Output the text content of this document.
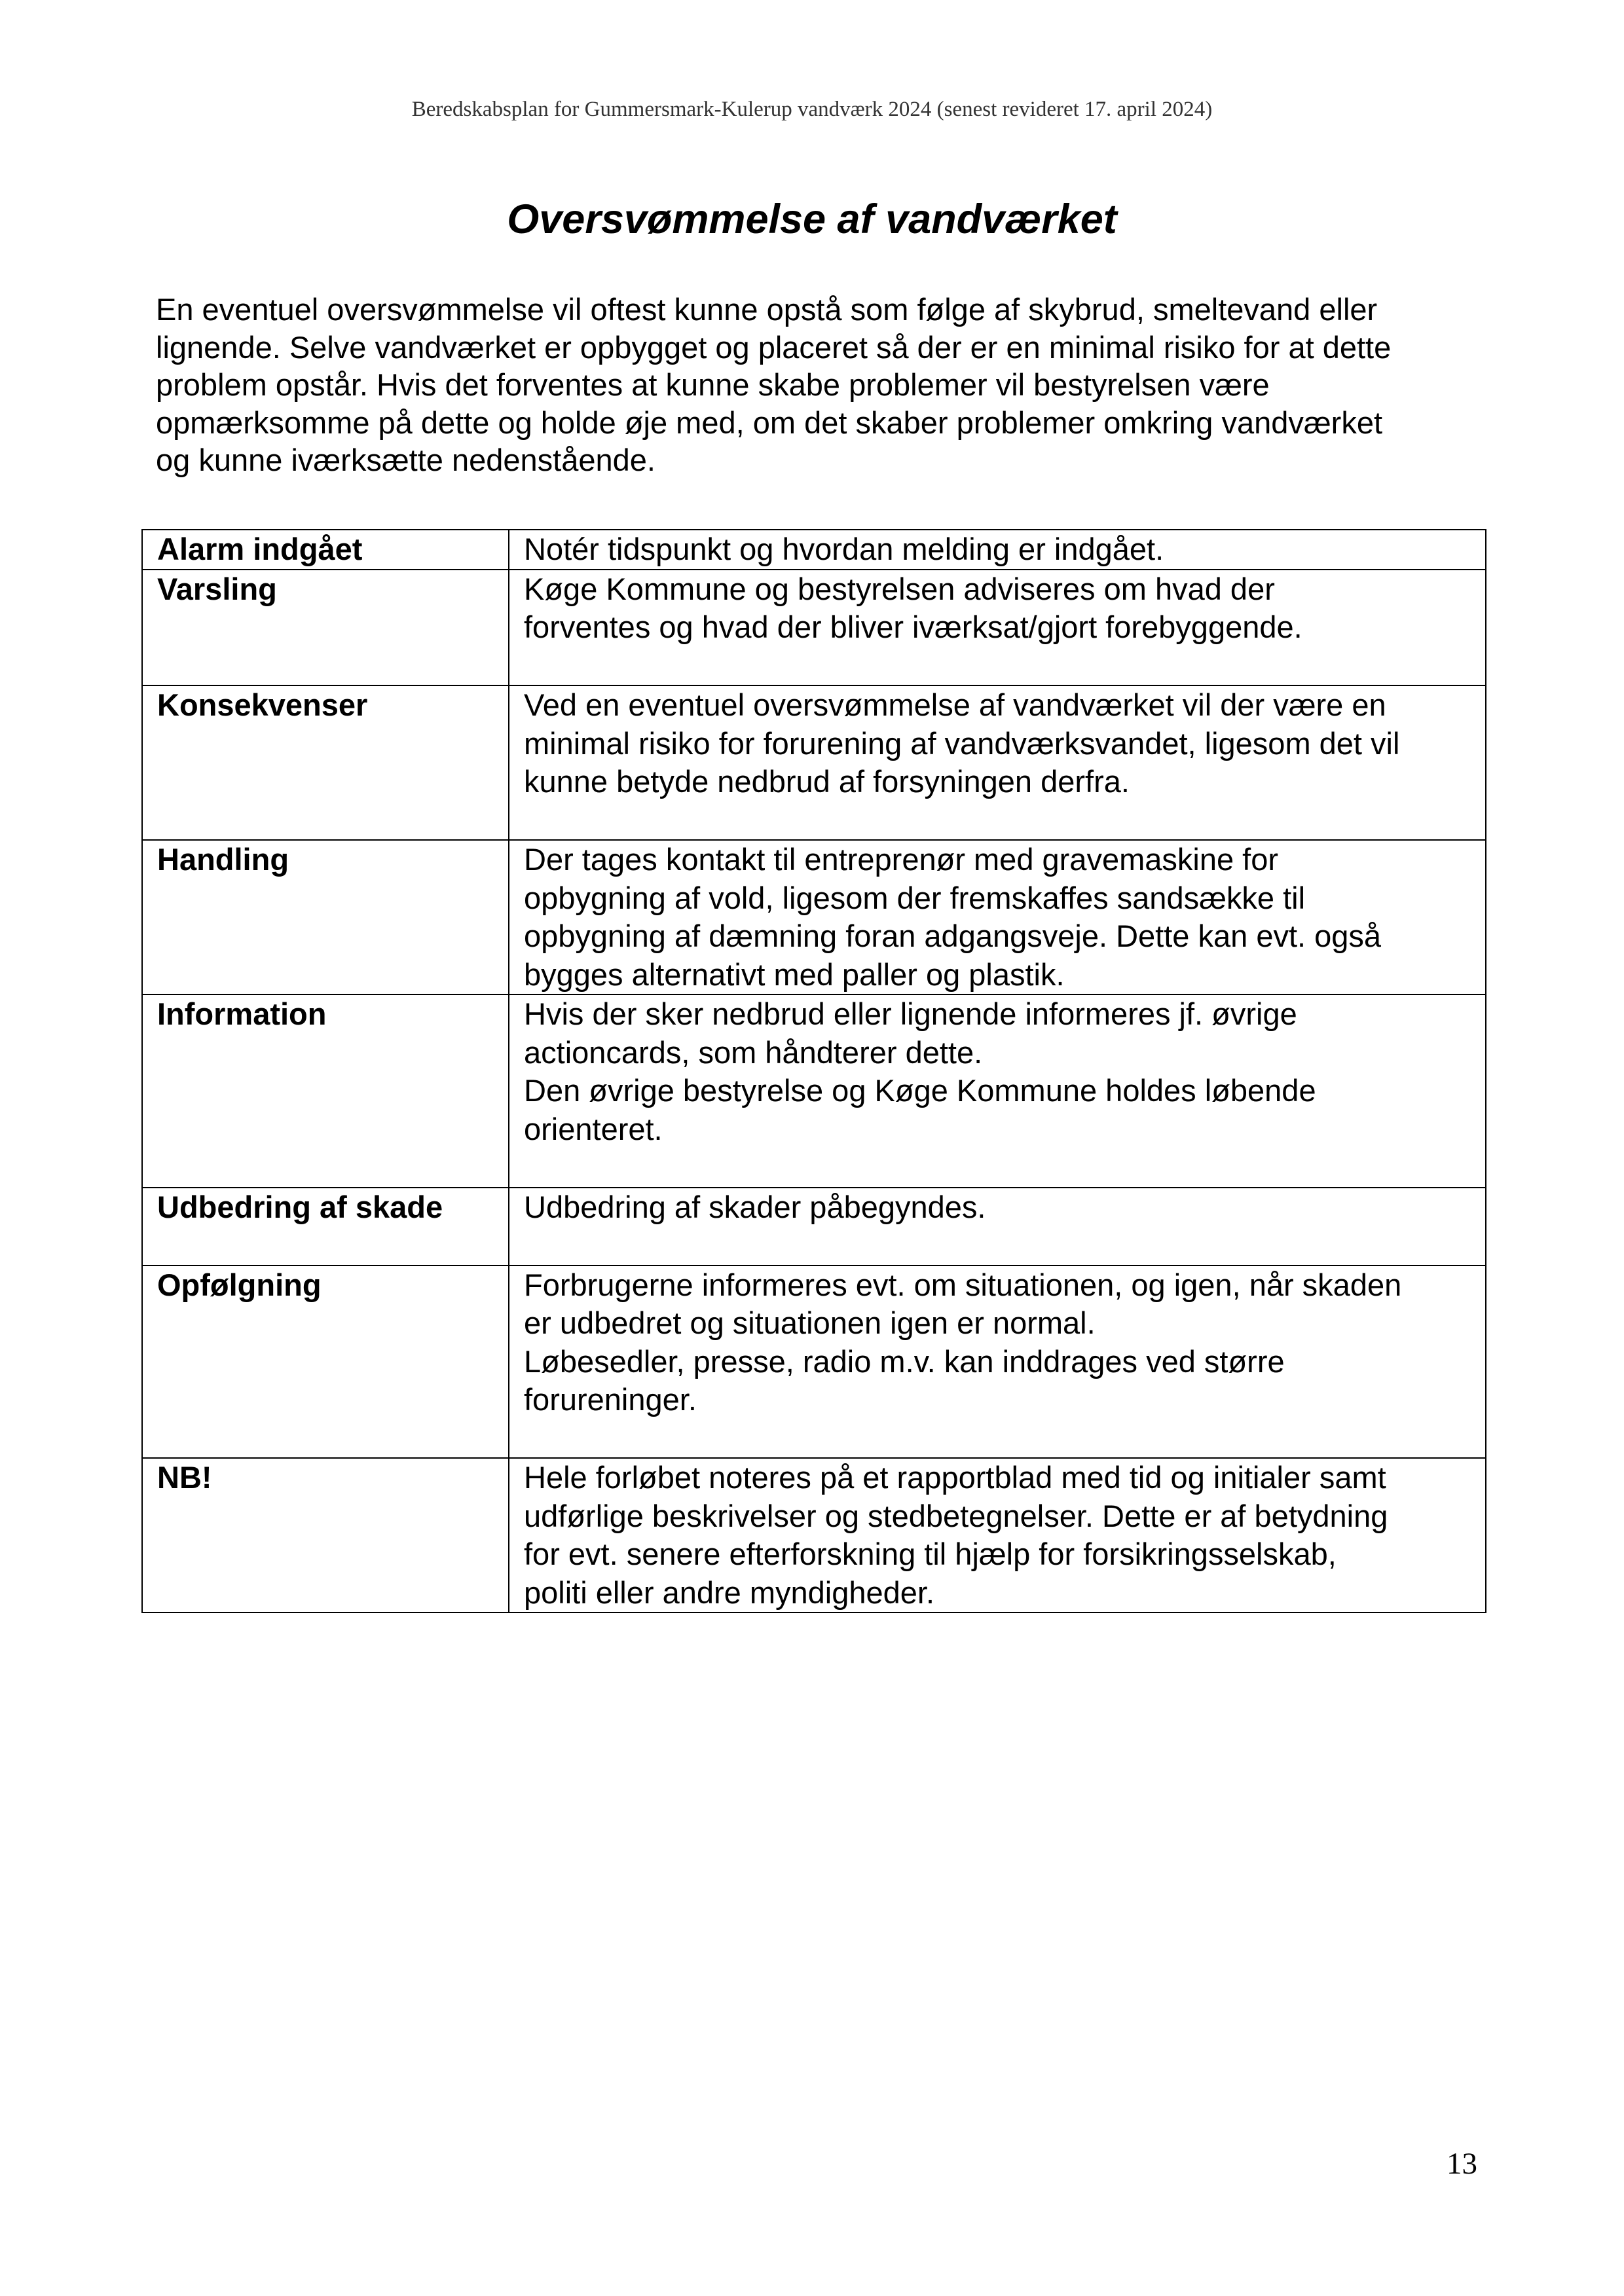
Beredskabsplan for Gummersmark-Kulerup vandværk 2024 (senest revideret 17. april 2024)
Oversvømmelse af vandværket

En eventuel oversvømmelse vil oftest kunne opstå som følge af skybrud, smeltevand eller
lignende. Selve vandværket er opbygget og placeret så der er en minimal risiko for at dette
problem opstår. Hvis det forventes at kunne skabe problemer vil bestyrelsen være
opmærksomme på dette og holde øje med, om det skaber problemer omkring vandværket
og kunne iværksætte nedenstående.

Alarm indgået	Notér tidspunkt og hvordan melding er indgået.

Varsling	Køge Kommune og bestyrelsen adviseres om hvad der
forventes og hvad der bliver iværksat/gjort forebyggende.

Konsekvenser	Ved en eventuel oversvømmelse af vandværket vil der være en
minimal risiko for forurening af vandværksvandet, ligesom det vil
kunne betyde nedbrud af forsyningen derfra.

Handling	Der tages kontakt til entreprenør med gravemaskine for
opbygning af vold, ligesom der fremskaffes sandsække til
opbygning af dæmning foran adgangsveje. Dette kan evt. også
bygges alternativt med paller og plastik.

Information	Hvis der sker nedbrud eller lignende informeres jf. øvrige
actioncards, som håndterer dette.
Den øvrige bestyrelse og Køge Kommune holdes løbende
orienteret.

Udbedring af skade	Udbedring af skader påbegyndes.

Opfølgning	Forbrugerne informeres evt. om situationen, og igen, når skaden
er udbedret og situationen igen er normal.
Løbesedler, presse, radio m.v. kan inddrages ved større
forureninger.

NB!	Hele forløbet noteres på et rapportblad med tid og initialer samt
udførlige beskrivelser og stedbetegnelser. Dette er af betydning
for evt. senere efterforskning til hjælp for forsikringsselskab,
politi eller andre myndigheder.
13
